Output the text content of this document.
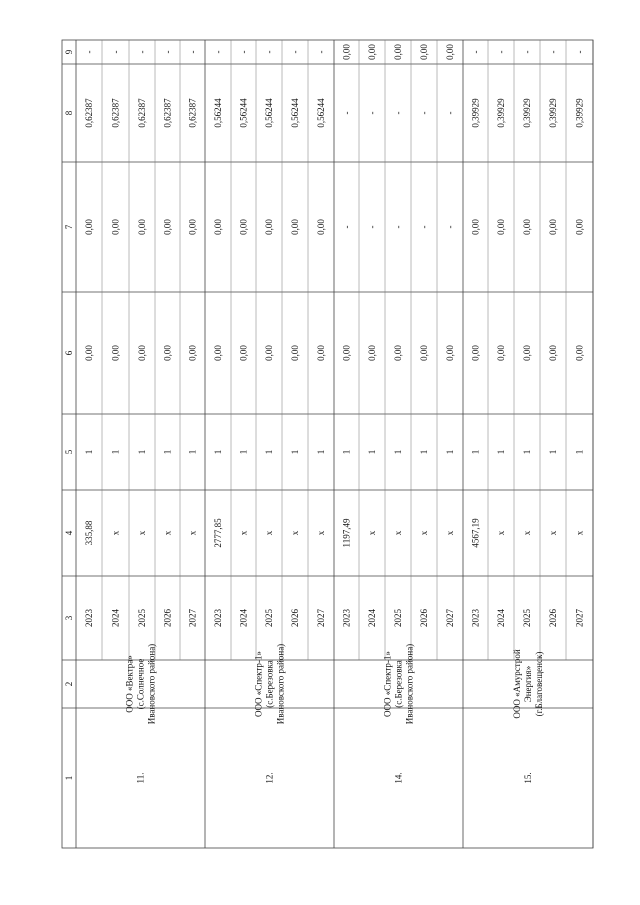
9
8
7
6
5
4
3
2
1
-
0,62387
0,00
0,00
1
335,88
2023
-
0,62387
0,00
0,00
1
x
2024
-
0,62387
0,00
0,00
1
x
2025
-
0,62387
0,00
0,00
1
x
2026
-
0,62387
0,00
0,00
1
x
2027
ООО «Вектра» (с.Солнечное Ивановского района)
11.
-
0,56244
0,00
0,00
1
2777,85
2023
-
0,56244
0,00
0,00
1
x
2024
-
0,56244
0,00
0,00
1
x
2025
-
0,56244
0,00
0,00
1
x
2026
-
0,56244
0,00
0,00
1
x
2027
ООО «Спектр-1» (с.Березовка Ивановского района)
12.
0,00
-
-
0,00
1
1197,49
2023
0,00
-
-
0,00
1
x
2024
0,00
-
-
0,00
1
x
2025
0,00
-
-
0,00
1
x
2026
0,00
-
-
0,00
1
x
2027
ООО «Спектр-1» (с.Березовка Ивановского района)
14.
-
0,39929
0,00
0,00
1
4567,19
2023
-
0,39929
0,00
0,00
1
x
2024
-
0,39929
0,00
0,00
1
x
2025
-
0,39929
0,00
0,00
1
x
2026
-
0,39929
0,00
0,00
1
x
2027
ООО «Амурстрой Энергия» (г.Благовещенск)
15.
